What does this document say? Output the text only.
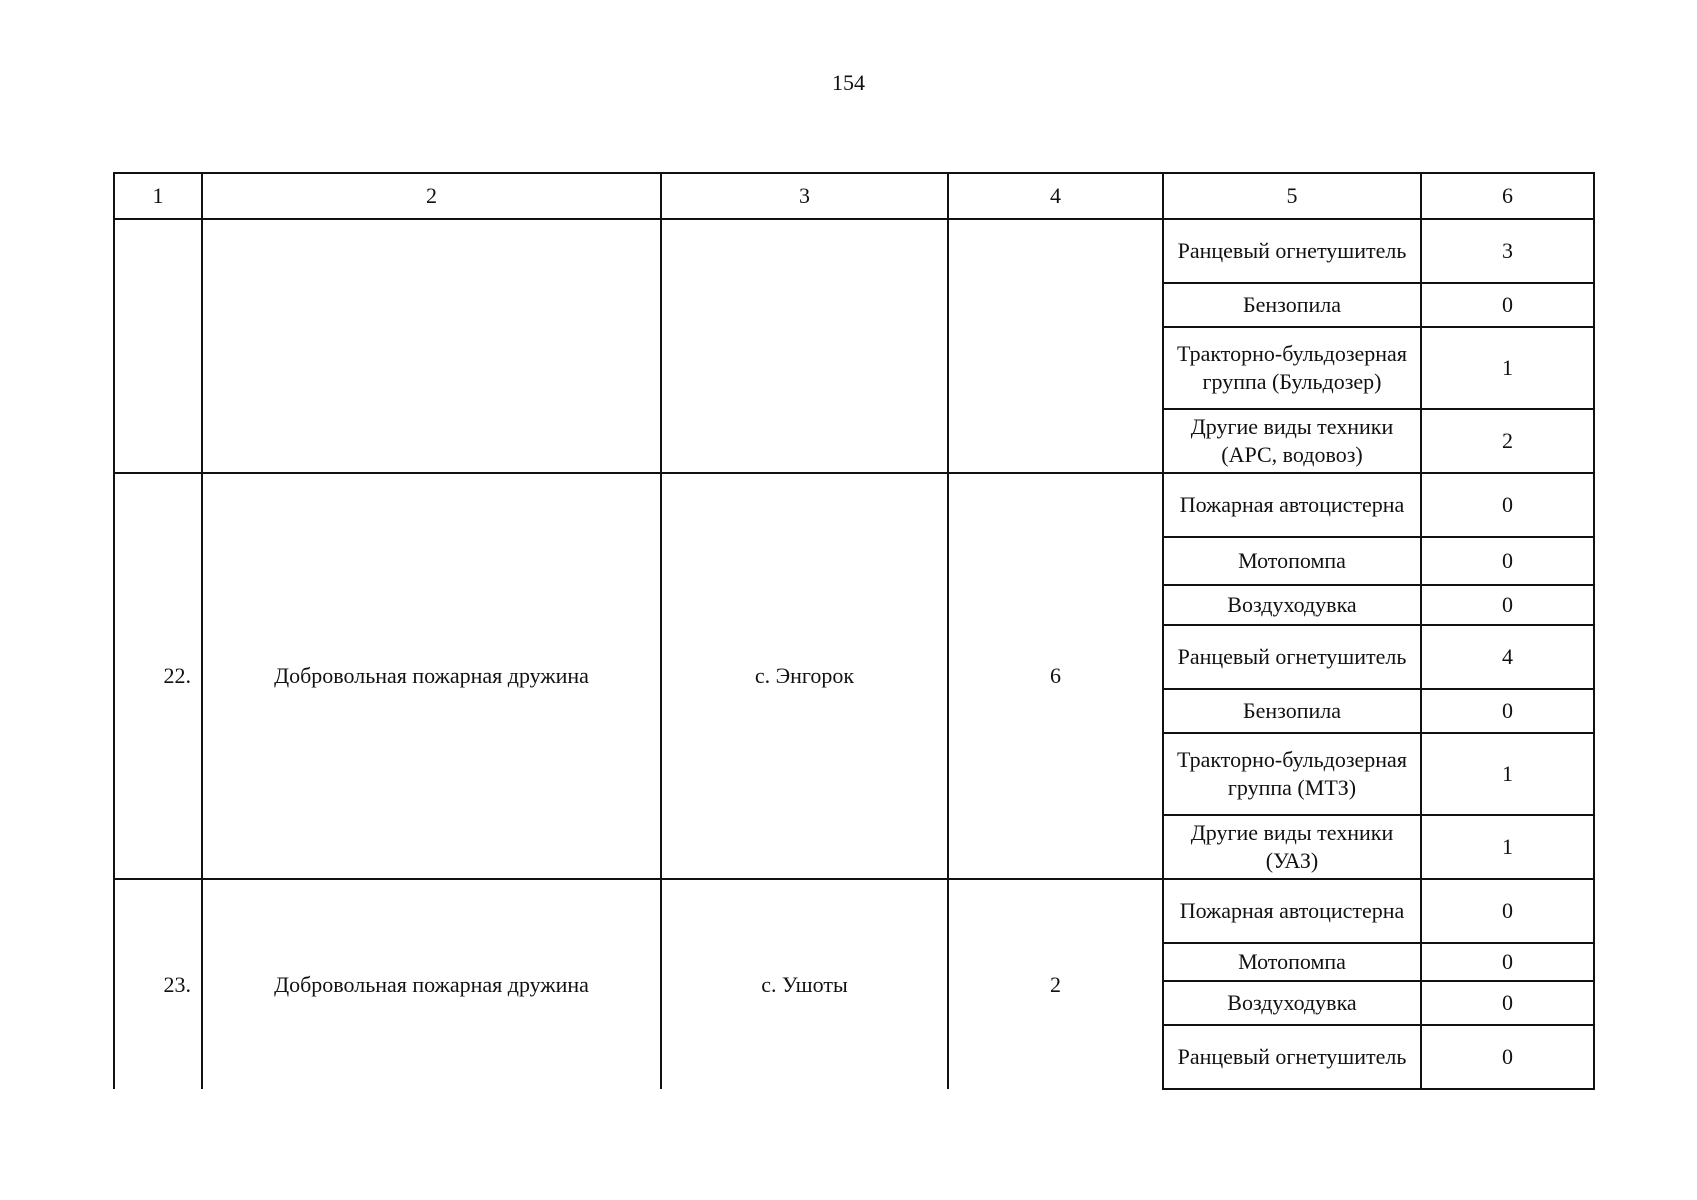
154
1	2	3	4	5	6
				Ранцевый огнетушитель	3
				Бензопила	0
				Тракторно-бульдозерная группа (Бульдозер)	1
				Другие виды техники (АРС, водовоз)	2
22.	Добровольная пожарная дружина	с. Энгорок	6	Пожарная автоцистерна	0
				Мотопомпа	0
				Воздуходувка	0
				Ранцевый огнетушитель	4
				Бензопила	0
				Тракторно-бульдозерная группа (МТЗ)	1
				Другие виды техники (УАЗ)	1
23.	Добровольная пожарная дружина	с. Ушоты	2	Пожарная автоцистерна	0
				Мотопомпа	0
				Воздуходувка	0
				Ранцевый огнетушитель	0
